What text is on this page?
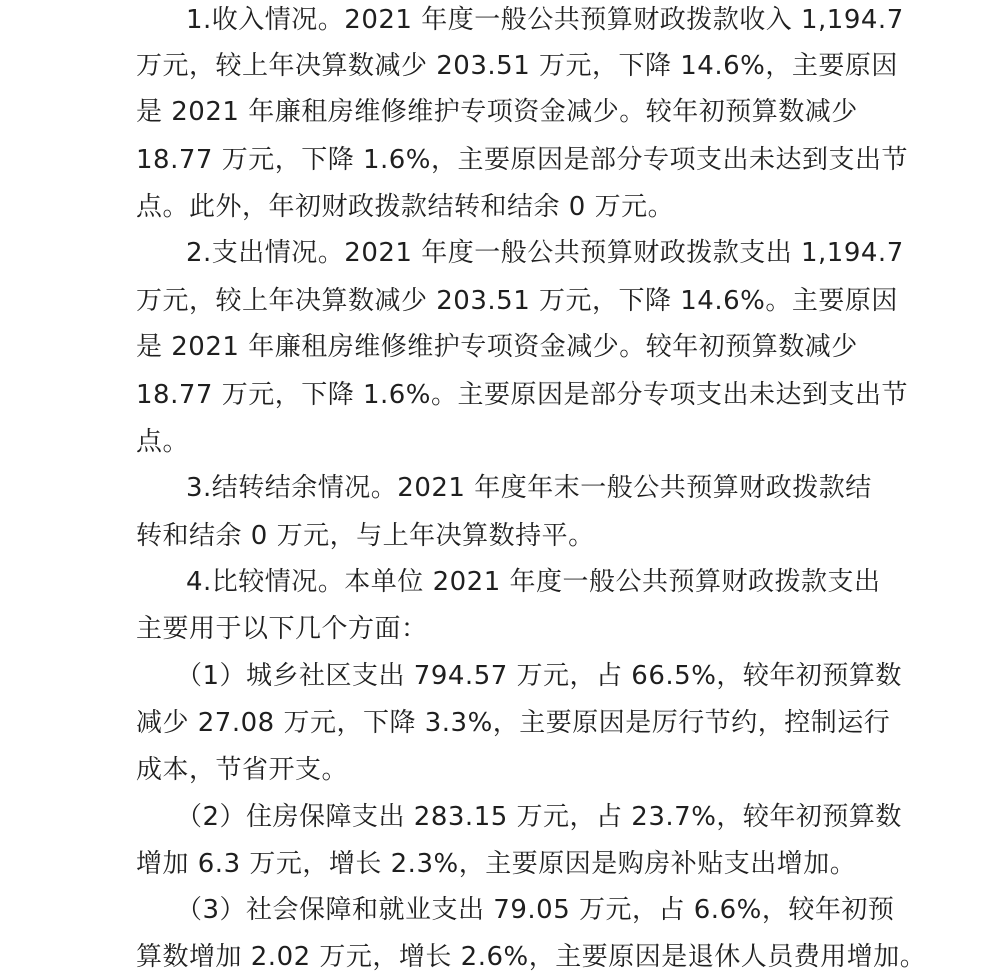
1.收入情况。2021 年度一般公共预算财政拨款收入 1,194.7
万元，较上年决算数减少 203.51 万元，下降 14.6%，主要原因
是 2021 年廉租房维修维护专项资金减少。较年初预算数减少
18.77 万元，下降 1.6%，主要原因是部分专项支出未达到支出节
点。此外，年初财政拨款结转和结余 0 万元。
2.支出情况。2021 年度一般公共预算财政拨款支出 1,194.7
万元，较上年决算数减少 203.51 万元，下降 14.6%。主要原因
是 2021 年廉租房维修维护专项资金减少。较年初预算数减少
18.77 万元，下降 1.6%。主要原因是部分专项支出未达到支出节
点。
3.结转结余情况。2021 年度年末一般公共预算财政拨款结
转和结余 0 万元，与上年决算数持平。
4.比较情况。本单位 2021 年度一般公共预算财政拨款支出
主要用于以下几个方面：
（1）城乡社区支出 794.57 万元，占 66.5%，较年初预算数
减少 27.08 万元，下降 3.3%，主要原因是厉行节约，控制运行
成本，节省开支。
（2）住房保障支出 283.15 万元，占 23.7%，较年初预算数
增加 6.3 万元，增长 2.3%，主要原因是购房补贴支出增加。
（3）社会保障和就业支出 79.05 万元，占 6.6%，较年初预
算数增加 2.02 万元，增长 2.6%，主要原因是退休人员费用增加。
